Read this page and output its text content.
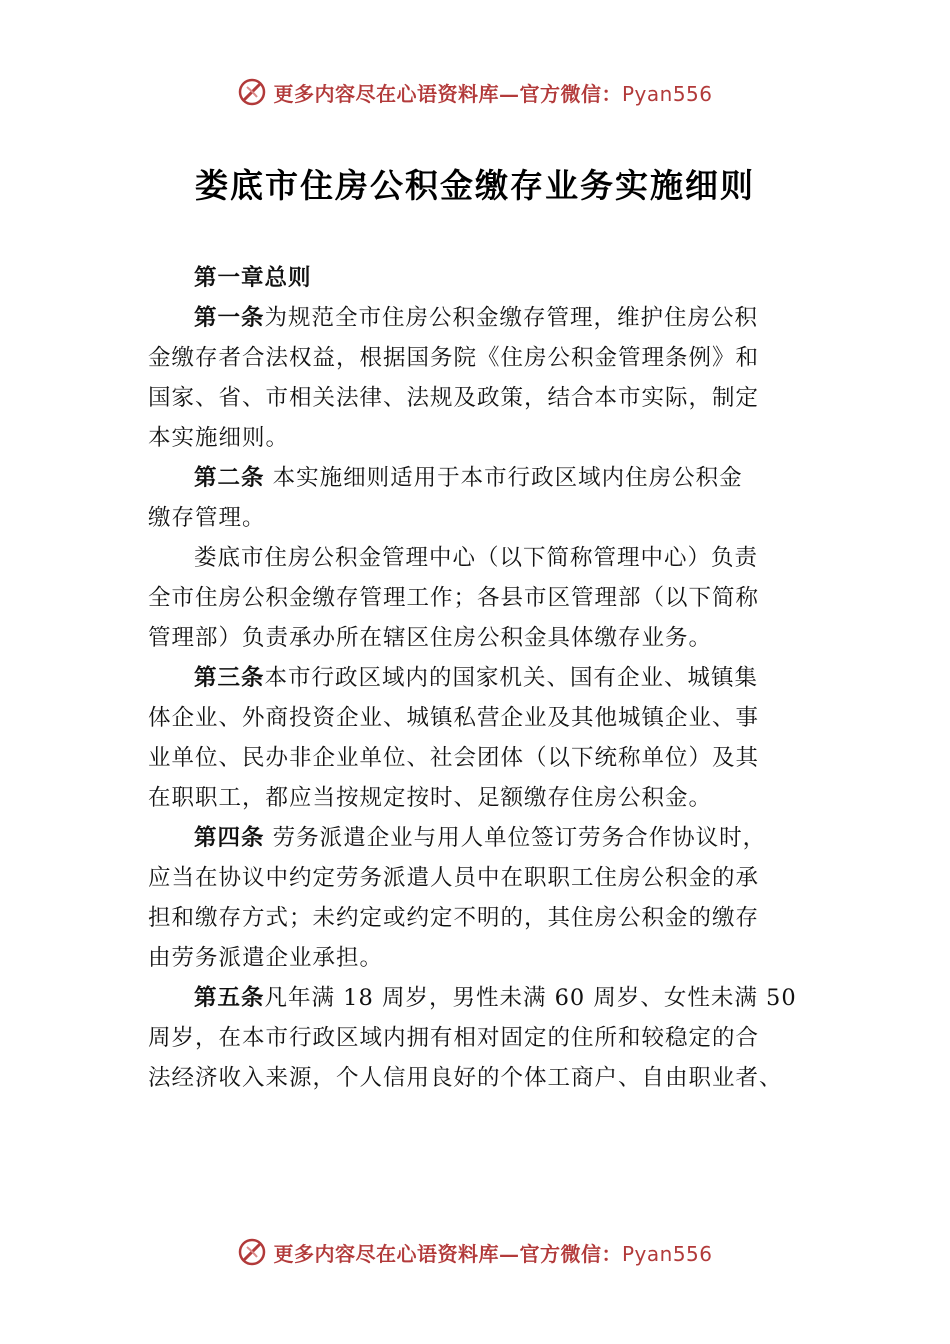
更多内容尽在心语资料库—官方微信：Pyan556
娄底市住房公积金缴存业务实施细则
第一章总则
第一条为规范全市住房公积金缴存管理，维护住房公积
金缴存者合法权益，根据国务院《住房公积金管理条例》和
国家、省、市相关法律、法规及政策，结合本市实际，制定
本实施细则。
第二条 本实施细则适用于本市行政区域内住房公积金
缴存管理。
娄底市住房公积金管理中心（以下简称管理中心）负责
全市住房公积金缴存管理工作；各县市区管理部（以下简称
管理部）负责承办所在辖区住房公积金具体缴存业务。
第三条本市行政区域内的国家机关、国有企业、城镇集
体企业、外商投资企业、城镇私营企业及其他城镇企业、事
业单位、民办非企业单位、社会团体（以下统称单位）及其
在职职工，都应当按规定按时、足额缴存住房公积金。
第四条 劳务派遣企业与用人单位签订劳务合作协议时，
应当在协议中约定劳务派遣人员中在职职工住房公积金的承
担和缴存方式；未约定或约定不明的，其住房公积金的缴存
由劳务派遣企业承担。
第五条凡年满 18 周岁，男性未满 60 周岁、女性未满 50
周岁，在本市行政区域内拥有相对固定的住所和较稳定的合
法经济收入来源，个人信用良好的个体工商户、自由职业者、
更多内容尽在心语资料库—官方微信：Pyan556
